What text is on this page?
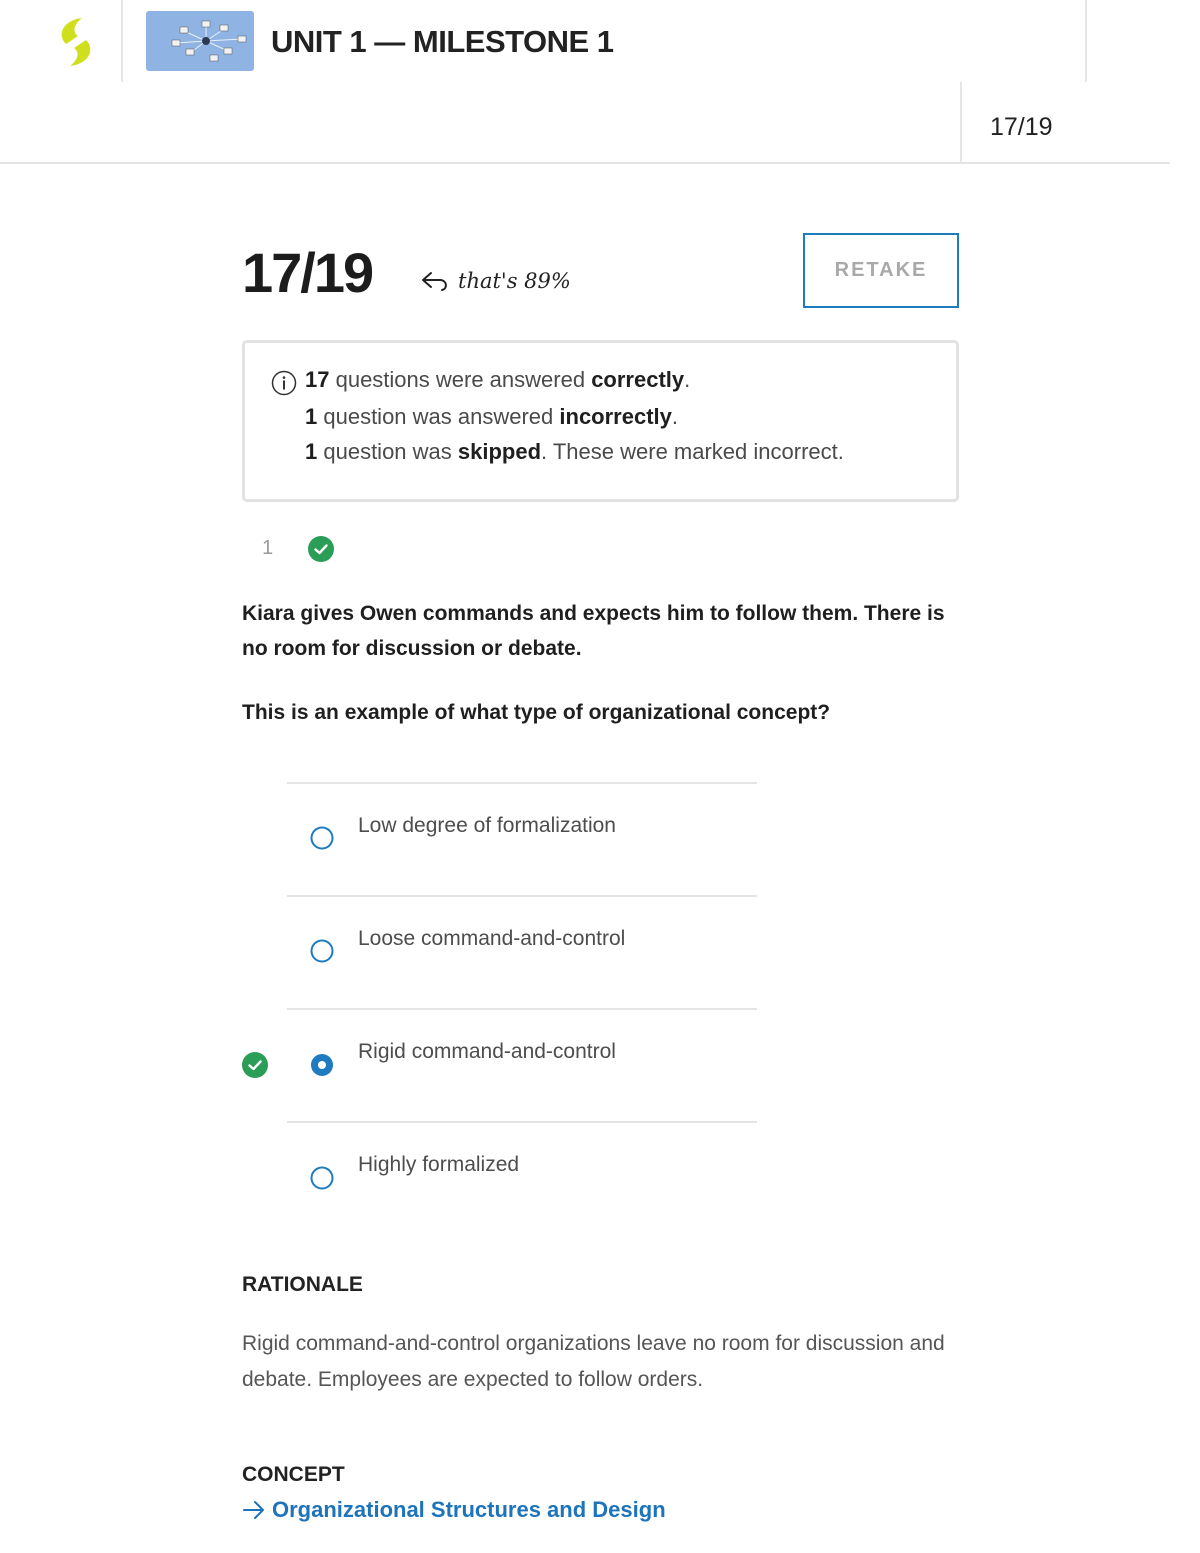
UNIT 1 — MILESTONE 1
17/19
17/19	that's 89%	RETAKE
17 questions were answered correctly.
1 question was answered incorrectly.
1 question was skipped. These were marked incorrect.
1
Kiara gives Owen commands and expects him to follow them. There is no room for discussion or debate.
This is an example of what type of organizational concept?
Low degree of formalization
Loose command-and-control
Rigid command-and-control
Highly formalized
RATIONALE
Rigid command-and-control organizations leave no room for discussion and debate. Employees are expected to follow orders.
CONCEPT
Organizational Structures and Design
